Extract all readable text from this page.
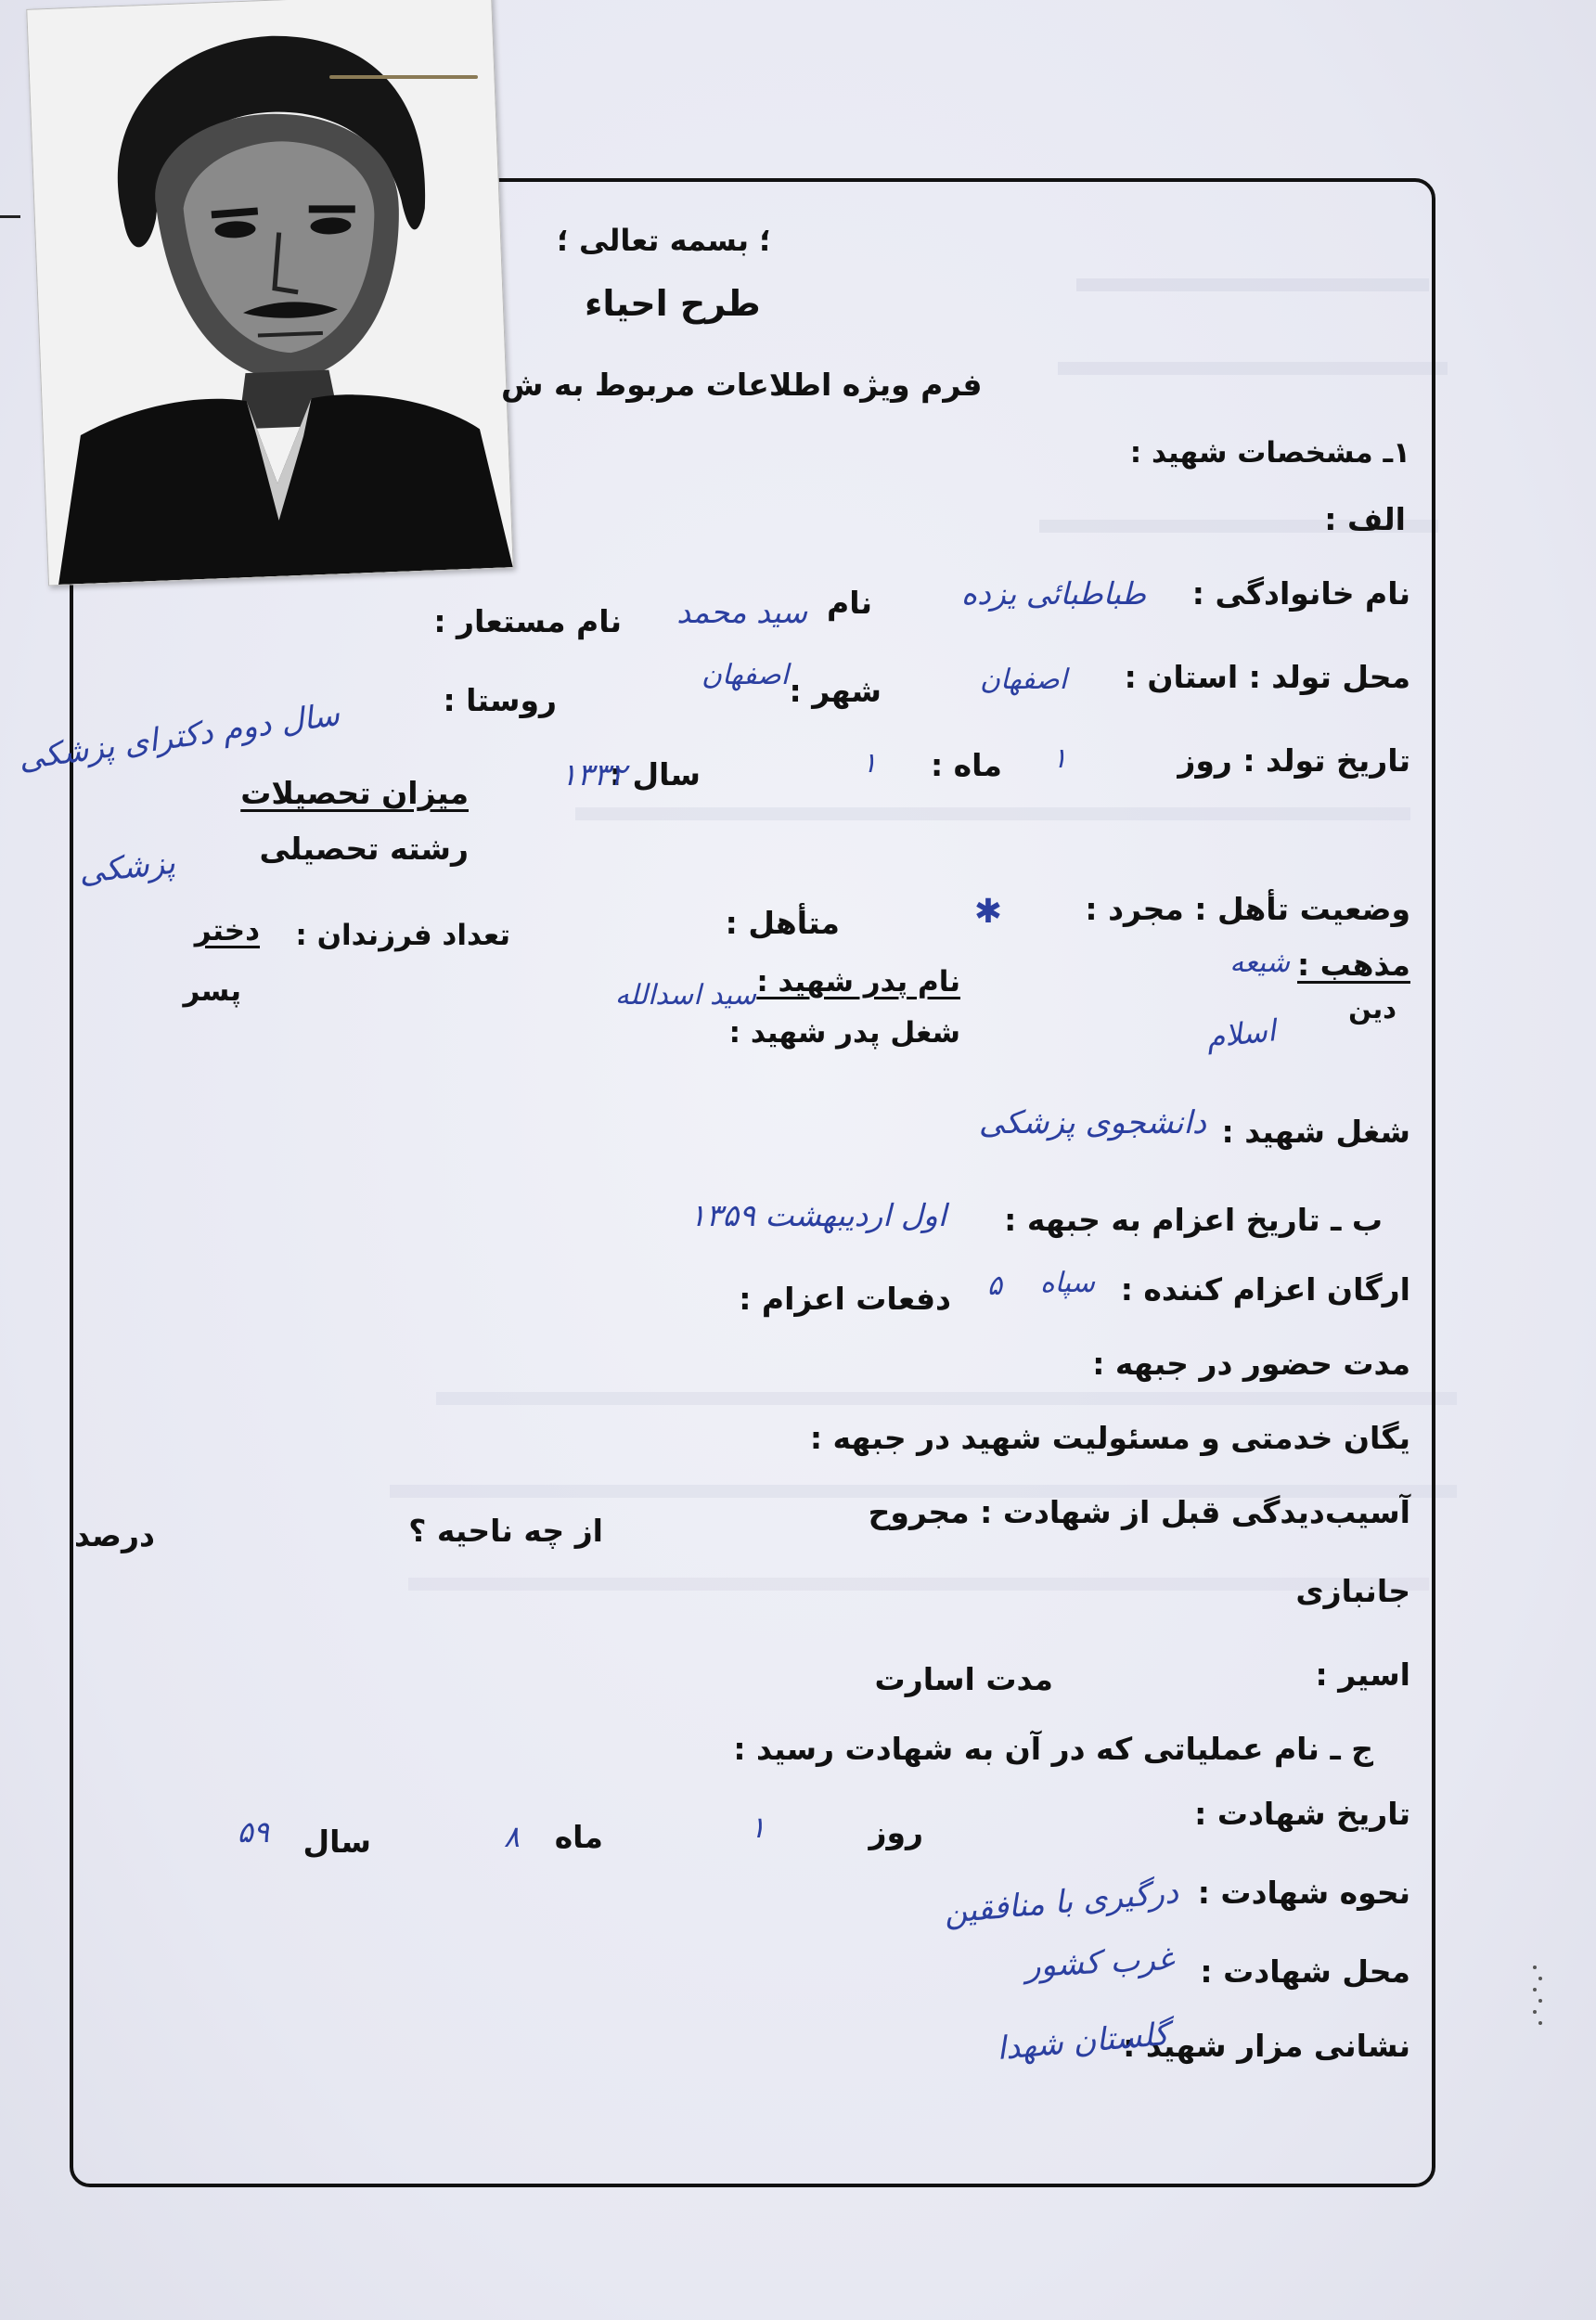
؛ بسمه تعالی ؛
طرح احیاء
فرم ویژه اطلاعات مربوط به ش
۱ـ مشخصات شهید :
الف :
نام خانوادگی :
طباطبائی یزده
نام
سید محمد
نام مستعار :
محل تولد : استان :
اصفهان
شهر :
اصفهان
روستا :
سال دوم دکترای پزشکی	تاریخ تولد : روز
۱
ماه :
۱
سال :
۱۳۳۲
میزان تحصیلات
رشته تحصیلی
پزشکی
وضعیت تأهل : مجرد :
✱
متأهل :
تعداد فرزندان :
دختر
پسر
مذهب :
شیعه
دین
اسلام
نام پدر شهید :
سید اسدالله
شغل پدر شهید :
شغل شهید :
دانشجوی پزشکی
ب ـ تاریخ اعزام به جبهه :
اول اردیبهشت ۱۳۵۹
ارگان اعزام کننده :
سپاه
۵
دفعات اعزام :
مدت حضور در جبهه :
یگان خدمتی و مسئولیت شهید در جبهه :
آسیب‌دیدگی قبل از شهادت : مجروح
از چه ناحیه ؟
درصد
جانبازی
اسیر :
مدت اسارت
ج ـ نام عملیاتی که در آن به شهادت رسید :
تاریخ شهادت :
روز
۱
ماه
۸
سال
۵۹
نحوه شهادت :
درگیری با منافقین
محل شهادت :
غرب کشور
نشانی مزار شهید :
گلستان شهدا
